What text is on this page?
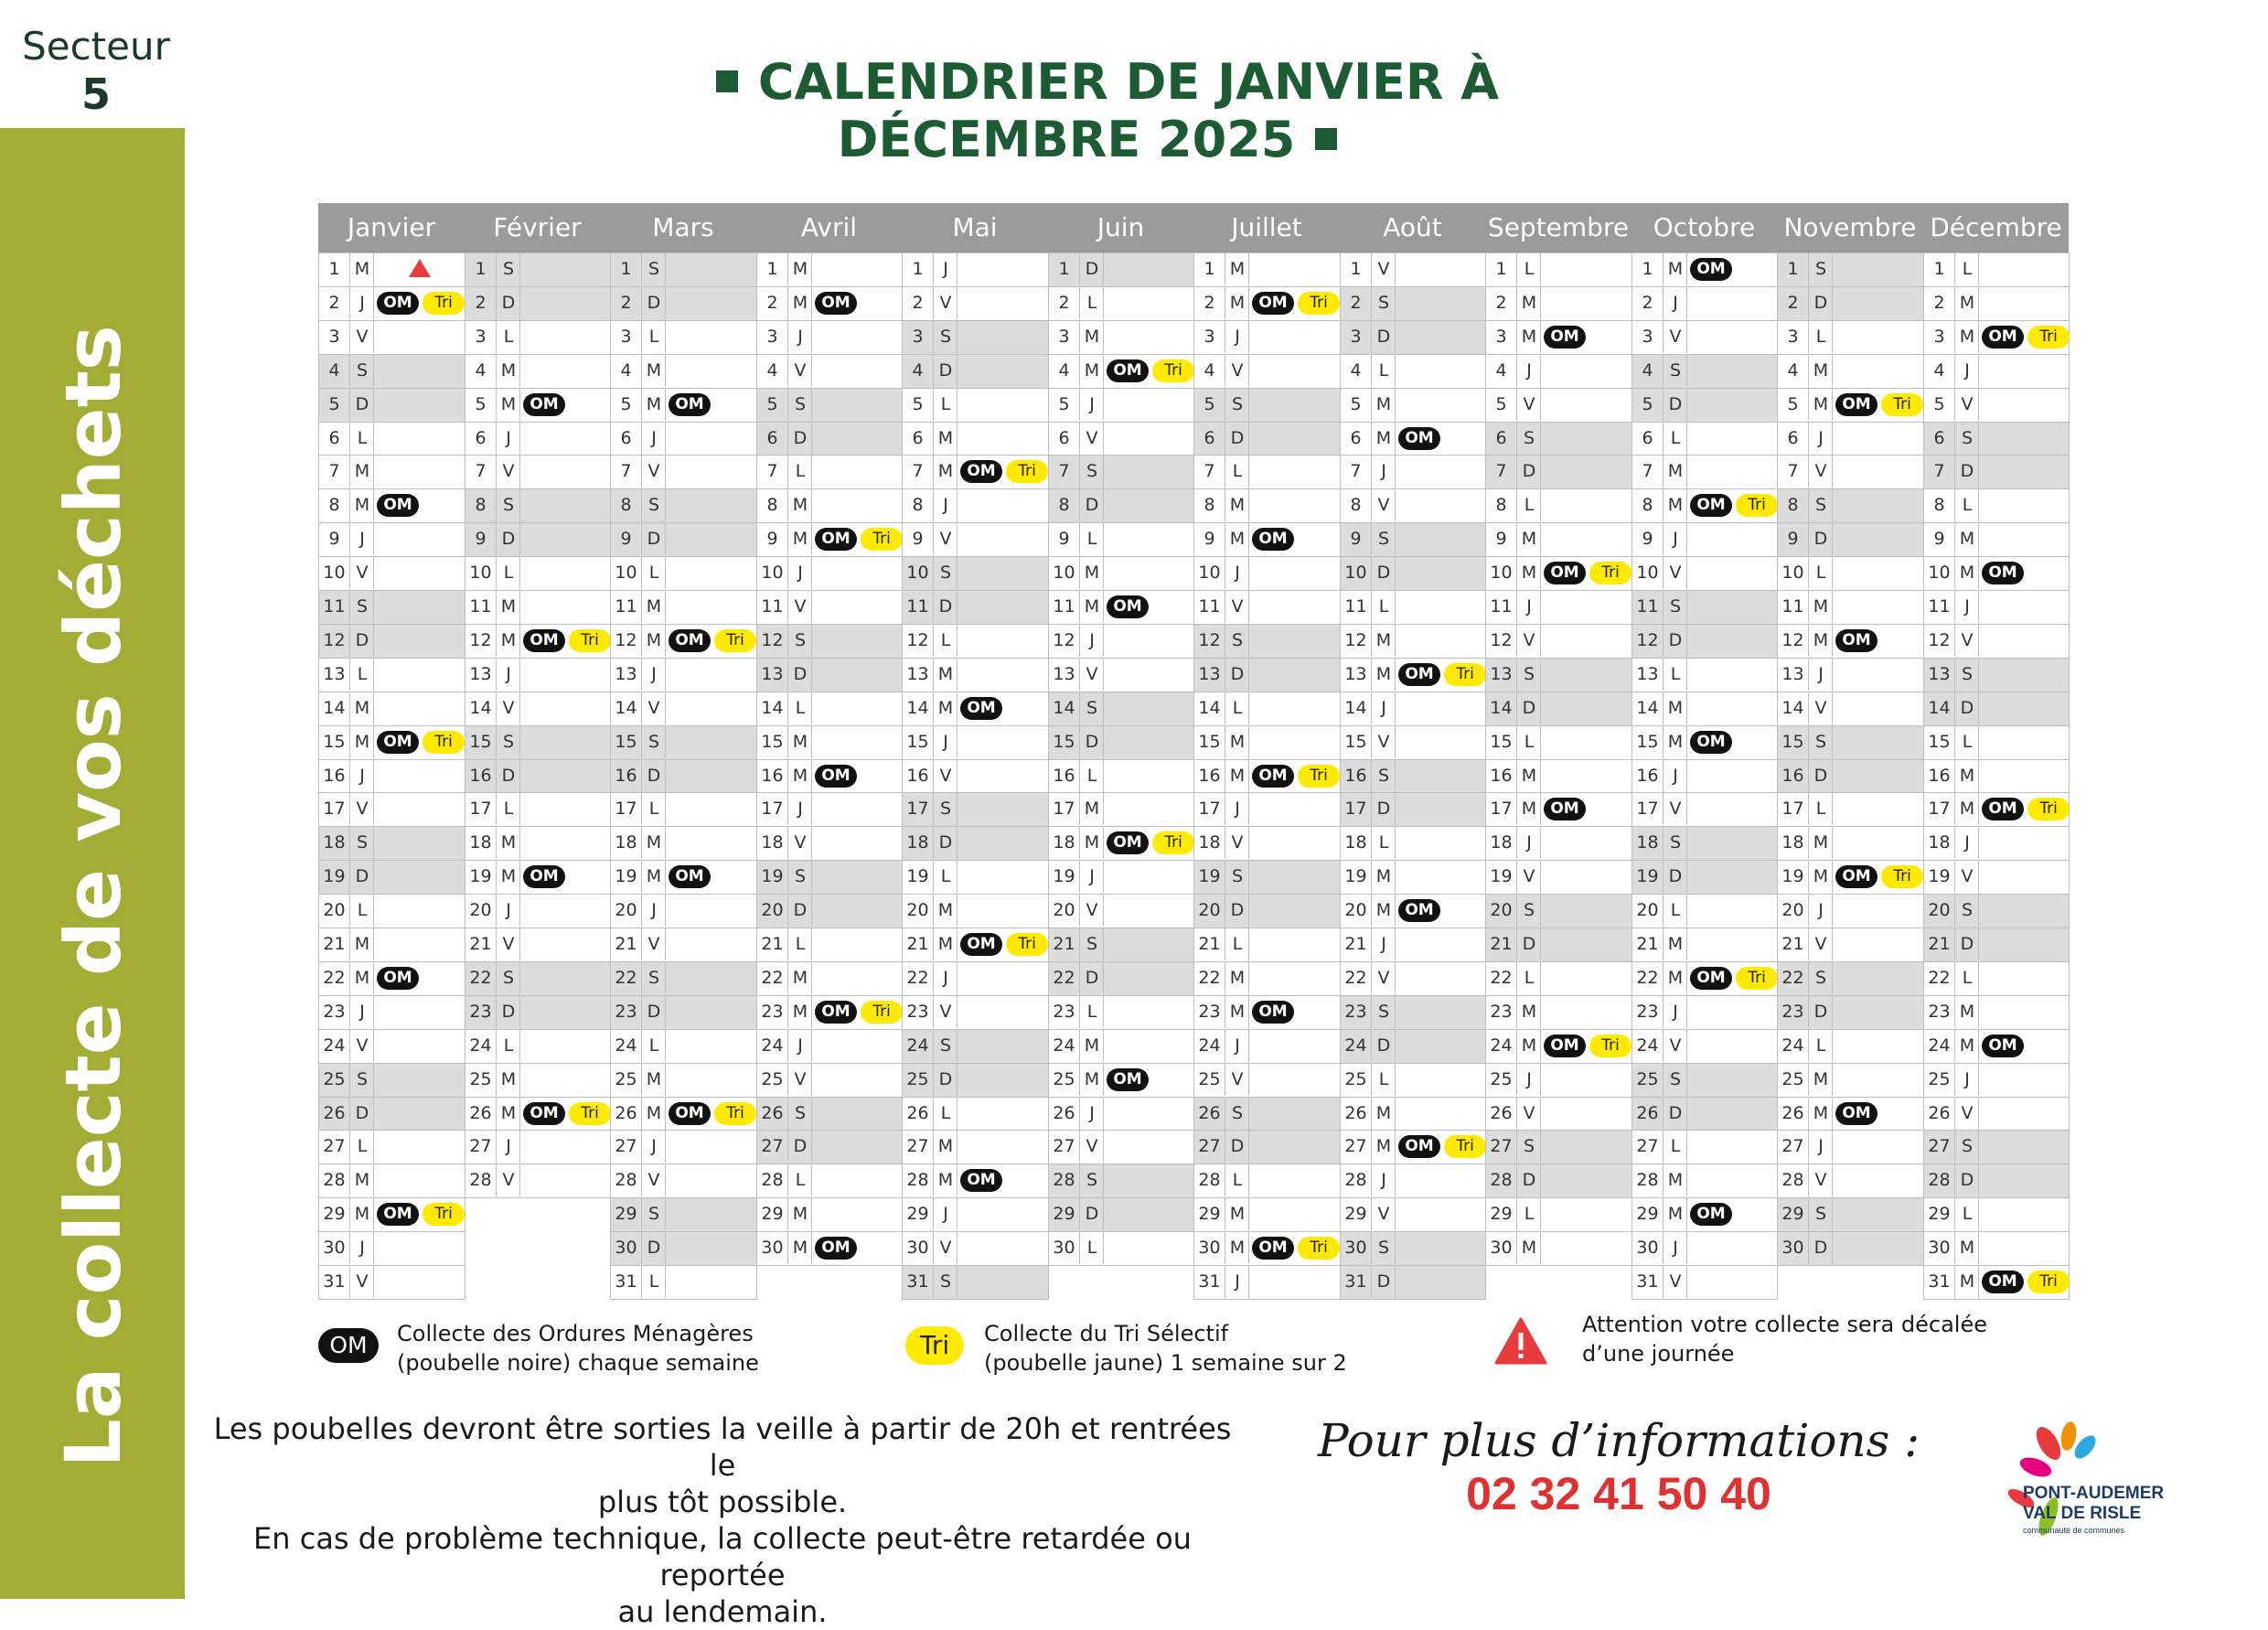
Secteur
5
La collecte de vos déchets
CALENDRIER DE JANVIER À DÉCEMBRE 2025
Janvier
1 M
2	J	OM	Tri
3 V
4 S
5 D
6	L
7 M
8 M OM
9	J
10 V
11 S
12 D
13 L
14 M
15 M OM	Tri
16 J
17 V
18 S
19 D
20 L
21 M
22 M OM
23 J
24 V
25 S
26 D
27 L
28 M
29 M OM	Tri
30 J
31 V
Février
1 S
2 D
3	L
4 M
5 M OM
6	J
7 V
8 S
9 D
10 L
11 M
12 M OM	Tri
13 J
14 V
15 S
16 D
17 L
18 M
19 M OM
20 J
21 V
22 S
23 D
24 L
25 M
26 M OM	Tri
27 J
28 V
Mars
1 S
2 D
3	L
4 M
5 M OM
6	J
7 V
8 S
9 D
10 L
11 M
12 M OM	Tri
13 J
14 V
15 S
16 D
17 L
18 M
19 M OM
20 J
21 V
22 S
23 D
24 L
25 M
26 M OM	Tri
27 J
28 V
29 S
30 D
31 L
Avril
1 M
2 M OM
3	J
4 V
5 S
6 D
7	L
8 M
9 M OM	Tri
10 J
11 V
12 S
13 D
14 L
15 M
16 M OM
17 J
18 V
19 S
20 D
21 L
22 M
23 M OM	Tri
24 J
25 V
26 S
27 D
28 L
29 M
30 M OM
Mai
1	J
2 V
3 S
4 D
5	L
6 M
7 M OM	Tri
8	J
9 V
10 S
11 D
12 L
13 M
14 M OM
15 J
16 V
17 S
18 D
19 L
20 M
21 M OM	Tri
22 J
23 V
24 S
25 D
26 L
27 M
28 M OM
29 J
30 V
31 S
Juin
1 D
2	L
3 M
4 M OM	Tri
5	J
6 V
7 S
8 D
9	L
10 M
11 M OM
12 J
13 V
14 S
15 D
16 L
17 M
18 M OM	Tri
19 J
20 V
21 S
22 D
23 L
24 M
25 M OM
26 J
27 V
28 S
29 D
30 L
Juillet
1 M
2 M OM	Tri
3	J
4 V
5 S
6 D
7	L
8 M
9 M OM
10 J
11 V
12 S
13 D
14 L
15 M
16 M OM	Tri
17 J
18 V
19 S
20 D
21 L
22 M
23 M OM
24 J
25 V
26 S
27 D
28 L
29 M
30 M OM	Tri
31 J
Août
1 V
2 S
3 D
4	L
5 M
6 M OM
7	J
8 V
9 S
10 D
11 L
12 M
13 M OM	Tri
14 J
15 V
16 S
17 D
18 L
19 M
20 M OM
21 J
22 V
23 S
24 D
25 L
26 M
27 M OM	Tri
28 J
29 V
30 S
31 D
Septembre
1	L
2 M
3 M OM
4	J
5 V
6 S
7 D
8	L
9 M
10 M OM	Tri
11 J
12 V
13 S
14 D
15 L
16 M
17 M OM
18 J
19 V
20 S
21 D
22 L
23 M
24 M OM	Tri
25 J
26 V
27 S
28 D
29 L
30 M
Octobre
1 M OM
2	J
3 V
4 S
5 D
6	L
7 M
8 M OM	Tri
9	J
10 V
11 S
12 D
13 L
14 M
15 M OM
16 J
17 V
18 S
19 D
20 L
21 M
22 M OM	Tri
23 J
24 V
25 S
26 D
27 L
28 M
29 M OM
30 J
31 V
Novembre
1 S
2 D
3	L
4 M
5 M OM	Tri
6	J
7 V
8 S
9 D
10 L
11 M
12 M OM
13 J
14 V
15 S
16 D
17 L
18 M
19 M OM	Tri
20 J
21 V
22 S
23 D
24 L
25 M
26 M OM
27 J
28 V
29 S
30 D
Décembre
1	L
2 M
3 M OM	Tri
4	J
5 V
6 S
7 D
8	L
9 M
10 M OM
11 J
12 V
13 S
14 D
15 L
16 M
17 M OM	Tri
18 J
19 V
20 S
21 D
22 L
23 M
24 M OM
25 J
26 V
27 S
28 D
29 L
30 M
31 M OM	Tri
OM	Collecte des Ordures Ménagères
(poubelle noire) chaque semaine
Tri	Collecte du Tri Sélectif
(poubelle jaune) 1 semaine sur 2
Attention votre collecte sera décalée
d’une journée
Les poubelles devront être sorties la veille à partir de 20h et rentrées le
plus tôt possible.
En cas de problème technique, la collecte peut-être retardée ou reportée
au lendemain.
Pour plus d’informations :
02 32 41 50 40	PONT-AUDEMER
VAL DE RISLE
communauté de communes
